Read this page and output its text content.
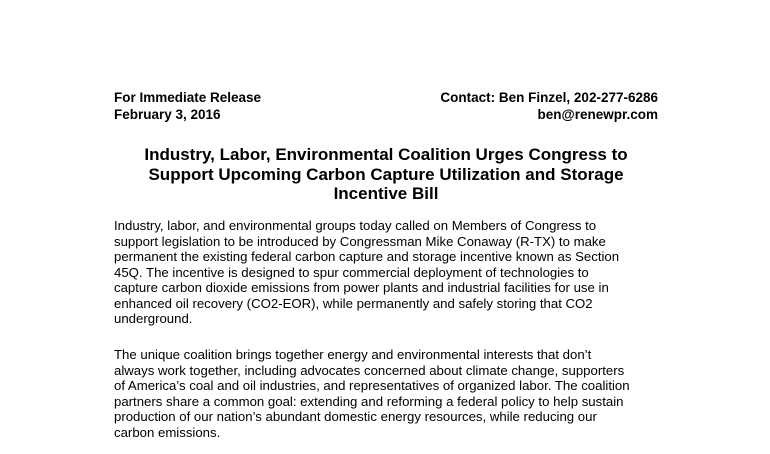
For Immediate Release	Contact: Ben Finzel, 202-277-6286
February 3, 2016	ben@renewpr.com
Industry, Labor, Environmental Coalition Urges Congress to
Support Upcoming Carbon Capture Utilization and Storage
Incentive Bill

Industry, labor, and environmental groups today called on Members of Congress to
support legislation to be introduced by Congressman Mike Conaway (R-TX) to make
permanent the existing federal carbon capture and storage incentive known as Section
45Q. The incentive is designed to spur commercial deployment of technologies to
capture carbon dioxide emissions from power plants and industrial facilities for use in
enhanced oil recovery (CO2-EOR), while permanently and safely storing that CO2
underground.

The unique coalition brings together energy and environmental interests that don’t
always work together, including advocates concerned about climate change, supporters
of America’s coal and oil industries, and representatives of organized labor. The coalition
partners share a common goal: extending and reforming a federal policy to help sustain
production of our nation’s abundant domestic energy resources, while reducing our
carbon emissions.
